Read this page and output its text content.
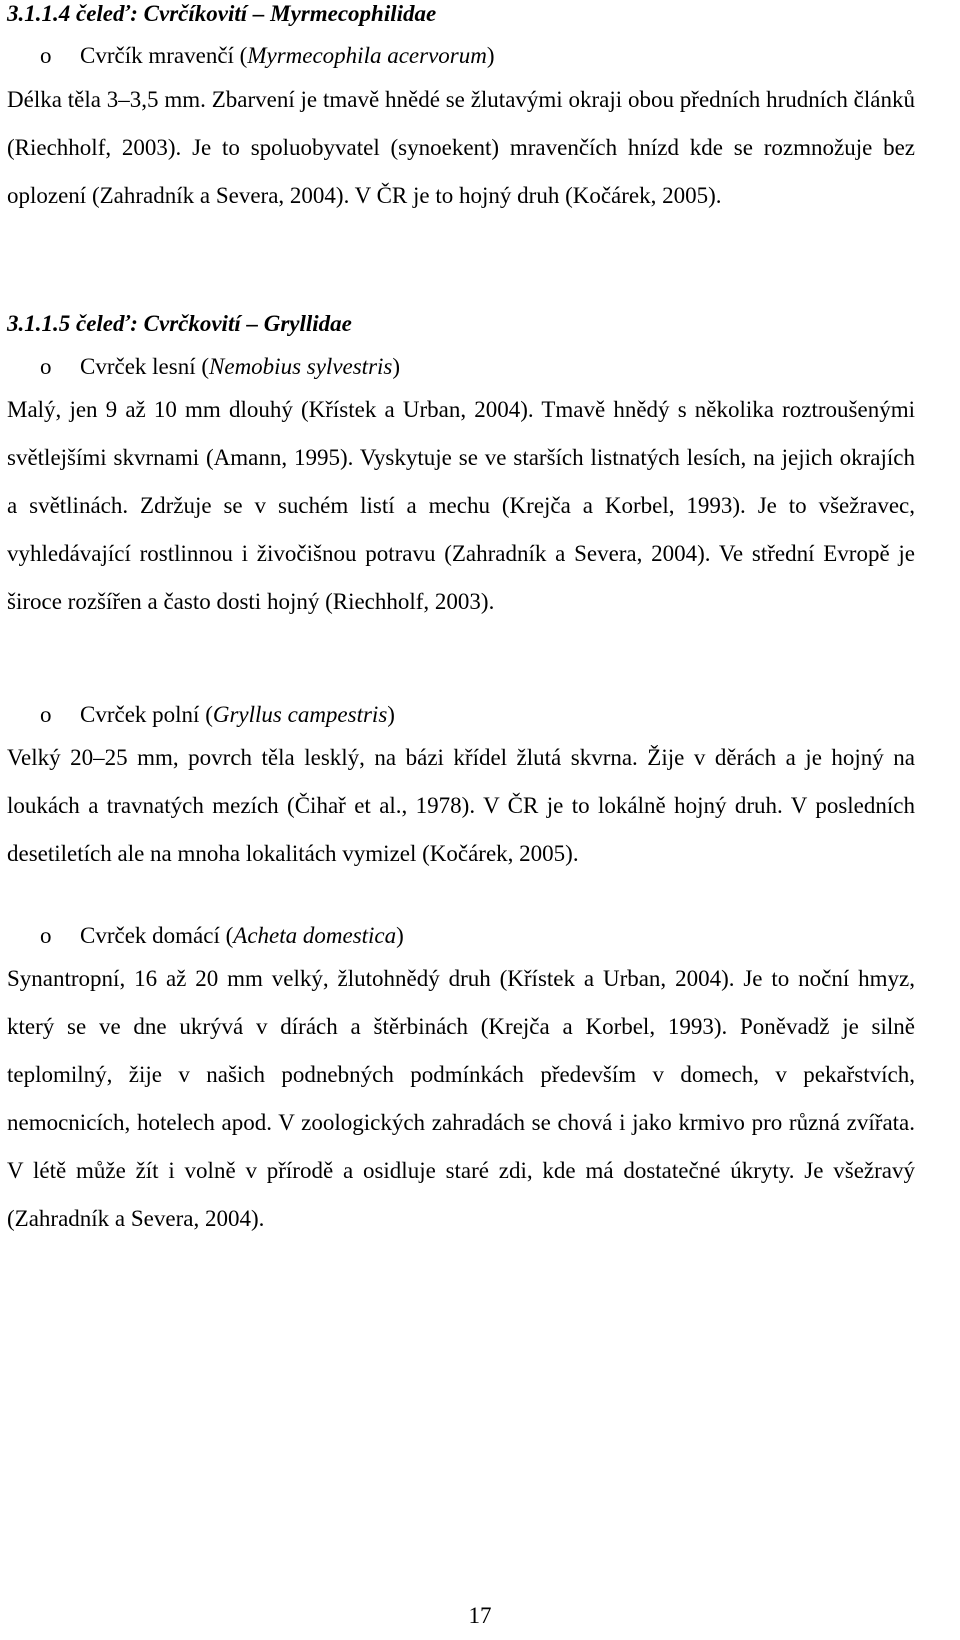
3.1.1.4 čeleď: Cvrčíkovití – Myrmecophilidae
o Cvrčík mravenčí (Myrmecophila acervorum)
Délka těla 3–3,5 mm. Zbarvení je tmavě hnědé se žlutavými okraji obou předních hrudních článků (Riechholf, 2003). Je to spoluobyvatel (synoekent) mravenčích hnízd kde se rozmnožuje bez oplození (Zahradník a Severa, 2004). V ČR je to hojný druh (Kočárek, 2005).
3.1.1.5 čeleď: Cvrčkovití – Gryllidae
o Cvrček lesní (Nemobius sylvestris)
Malý, jen 9 až 10 mm dlouhý (Křístek a Urban, 2004). Tmavě hnědý s několika roztroušenými světlejšími skvrnami (Amann, 1995). Vyskytuje se ve starších listnatých lesích, na jejich okrajích a světlinách. Zdržuje se v suchém listí a mechu (Krejča a Korbel, 1993). Je to všežravec, vyhledávající rostlinnou i živočišnou potravu (Zahradník a Severa, 2004). Ve střední Evropě je široce rozšířen a často dosti hojný (Riechholf, 2003).
o Cvrček polní (Gryllus campestris)
Velký 20–25 mm, povrch těla lesklý, na bázi křídel žlutá skvrna. Žije v děrách a je hojný na loukách a travnatých mezích (Čihař et al., 1978). V ČR je to lokálně hojný druh. V posledních desetiletích ale na mnoha lokalitách vymizel (Kočárek, 2005).
o Cvrček domácí (Acheta domestica)
Synantropní, 16 až 20 mm velký, žlutohnědý druh (Křístek a Urban, 2004). Je to noční hmyz, který se ve dne ukrývá v dírách a štěrbinách (Krejča a Korbel, 1993). Poněvadž je silně teplomilný, žije v našich podnebných podmínkách především v domech, v pekařstvích, nemocnicích, hotelech apod. V zoologických zahradách se chová i jako krmivo pro různá zvířata. V létě může žít i volně v přírodě a osidluje staré zdi, kde má dostatečné úkryty. Je všežravý (Zahradník a Severa, 2004).
17
